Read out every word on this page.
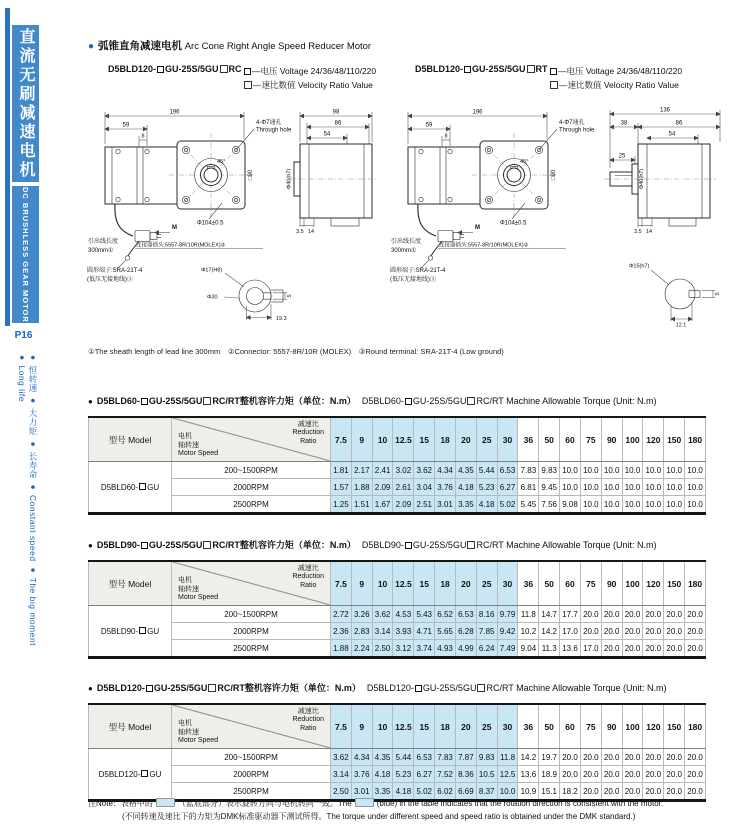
直流无刷减速电机
DC BRUSHLESS GEAR MOTOR
P16
● 恒转速 ● 大力矩 ● 长寿命 ● Constant speed ● The big moment ● Long life
● 弧锥直角减速电机 Arc Cone Right Angle Speed Reducer Motor
D5BLD120- GU-25S/5GU RC	—电压 Voltage 24/36/48/110/220
—速比数值 Velocity Ratio Value
D5BLD120- GU-25S/5GU RT	—电压 Voltage 24/36/48/110/220
—速比数值 Velocity Ratio Value
98
86
54
Φ40(h7)
3.5 14
Φ17(H8)
Φ30
19.3
5
136
38	86
54
25
Φ40(h7)
3.5 14
Φ15(h7)
12.1
5
①The sheath length of lead line 300mm　②Connector: 5557-8R/10R (MOLEX)　③Round terminal: SRA-21T-4 (Low ground)
● D5BLD60- GU-25S/5GU RC/RT整机容许力矩（单位：N.m） D5BLD60- GU-25S/5GU RC/RT Machine Allowable Torque (Unit: N.m)
型号 Model	
减速比
Reduction
Ratio
电机
轴转速
Motor Speed
	7.5	9	10	12.5	15	18	20	25	30	36	50	60	75	90	100	120	150	180
D5BLD60- GU	200~1500RPM	1.81	2.17	2.41	3.02	3.62	4.34	4.35	5.44	6.53	7.83	9.83	10.0	10.0	10.0	10.0	10.0	10.0	10.0
	2000RPM	1.57	1.88	2.09	2.61	3.04	3.76	4.18	5.23	6.27	6.81	9.45	10.0	10.0	10.0	10.0	10.0	10.0	10.0
	2500RPM	1.25	1.51	1.67	2.09	2.51	3.01	3.35	4.18	5.02	5.45	7.56	9.08	10.0	10.0	10.0	10.0	10.0	10.0
● D5BLD90- GU-25S/5GU RC/RT整机容许力矩（单位：N.m） D5BLD90- GU-25S/5GU RC/RT Machine Allowable Torque (Unit: N.m)
型号 Model	
减速比
Reduction
Ratio
电机
轴转速
Motor Speed
	7.5	9	10	12.5	15	18	20	25	30	36	50	60	75	90	100	120	150	180
D5BLD90- GU	200~1500RPM	2.72	3.26	3.62	4.53	5.43	6.52	6.53	8.16	9.79	11.8	14.7	17.7	20.0	20.0	20.0	20.0	20.0	20.0
	2000RPM	2.36	2.83	3.14	3.93	4.71	5.65	6.28	7.85	9.42	10.2	14.2	17.0	20.0	20.0	20.0	20.0	20.0	20.0
	2500RPM	1.88	2.24	2.50	3.12	3.74	4.93	4.99	6.24	7.49	9.04	11.3	13.6	17.0	20.0	20.0	20.0	20.0	20.0
● D5BLD120- GU-25S/5GU RC/RT整机容许力矩（单位：N.m） D5BLD120- GU-25S/5GU RC/RT Machine Allowable Torque (Unit: N.m)
型号 Model	
减速比
Reduction
Ratio
电机
轴转速
Motor Speed
	7.5	9	10	12.5	15	18	20	25	30	36	50	60	75	90	100	120	150	180
D5BLD120- GU	200~1500RPM	3.62	4.34	4.35	5.44	6.53	7.83	7.87	9.83	11.8	14.2	19.7	20.0	20.0	20.0	20.0	20.0	20.0	20.0
	2000RPM	3.14	3.76	4.18	5.23	6.27	7.52	8.36	10.5	12.5	13.6	18.9	20.0	20.0	20.0	20.0	20.0	20.0	20.0
	2500RPM	2.50	3.01	3.35	4.18	5.02	6.02	6.69	8.37	10.0	10.9	15.1	18.2	20.0	20.0	20.0	20.0	20.0	20.0
注Note：表格中的	（蓝底部分）表示旋转方向与电机转向一致。The	(blue) in the table indicates that the rotation direction is consistent with the motor.
(不同转速及速比下的力矩为DMK标准驱动器下测试所得。The torque under different speed and speed ratio is obtained under the DMK standard.)
